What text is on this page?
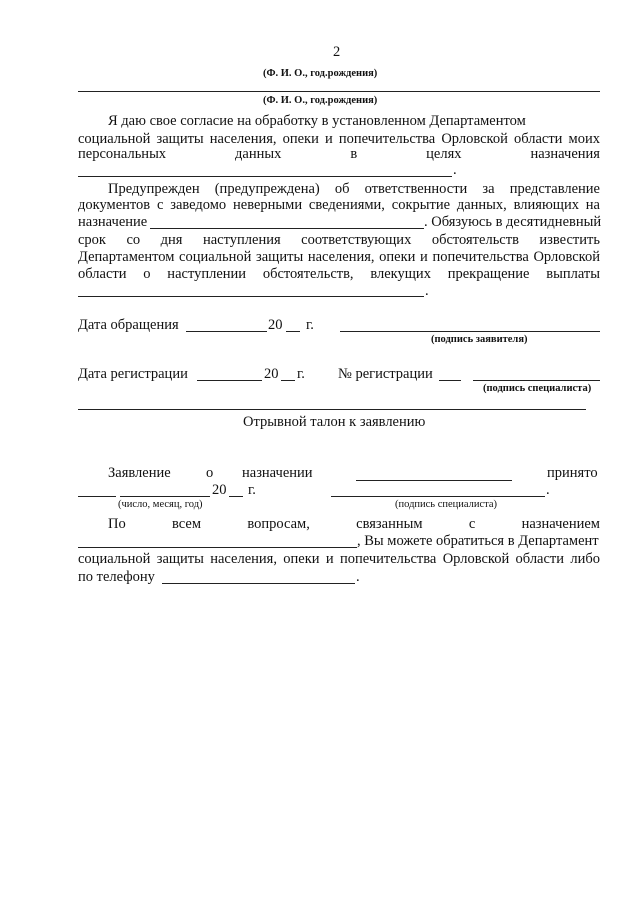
2
(Ф. И. О., год.рождения)
(Ф. И. О., год.рождения)
Я даю свое согласие на обработку в установленном Департаментом
социальной защиты населения, опеки и попечительства Орловской области моих
персональных	данных	в	целях	назначения
.
Предупрежден (предупреждена) об ответственности за представление
документов с заведомо неверными сведениями, сокрытие данных, влияющих на
назначение	. Обязуюсь в десятидневный
срок со дня наступления соответствующих обстоятельств известить
Департаментом социальной защиты населения, опеки и попечительства Орловской
области о наступлении обстоятельств, влекущих прекращение выплаты
.
Дата обращения	20 г.
(подпись заявителя)
Дата регистрации	20 г. № регистрации
(подпись специалиста)
Отрывной талон к заявлению
Заявление о назначении	принято
20 г.	.
(число, месяц, год)	(подпись специалиста)
По	всем	вопросам,	связанным	с	назначением
, Вы можете обратиться в Департамент
социальной защиты населения, опеки и попечительства Орловской области либо
по телефону	.
